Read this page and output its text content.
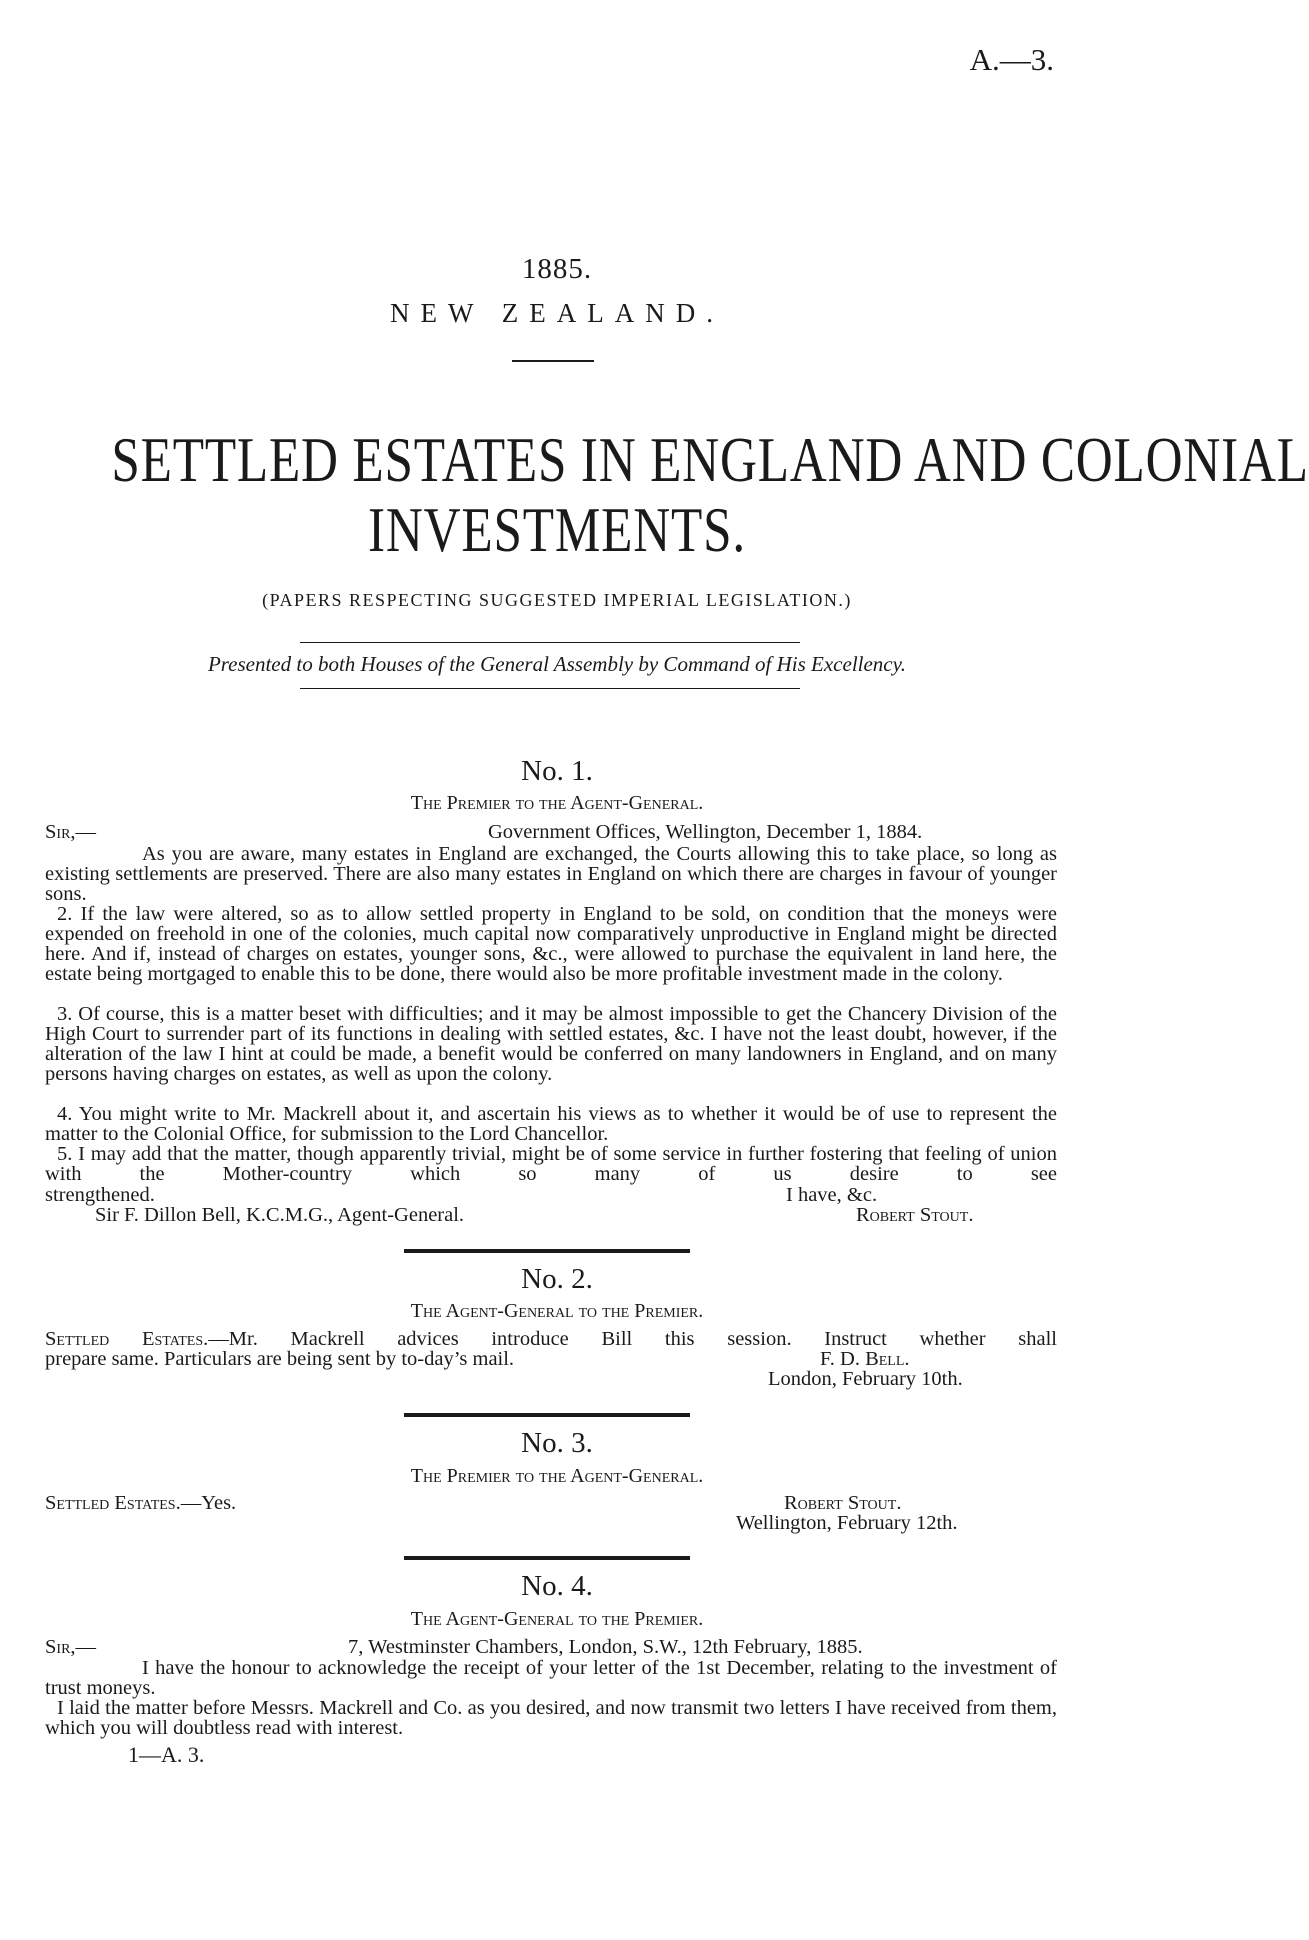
A.—3.
1885.
NEW ZEALAND.
SETTLED ESTATES IN ENGLAND AND COLONIAL
INVESTMENTS.
(PAPERS RESPECTING SUGGESTED IMPERIAL LEGISLATION.)
Presented to both Houses of the General Assembly by Command of His Excellency.
No. 1.
The Premier to the Agent-General.
Sir,—	Government Offices, Wellington, December 1, 1884.
As you are aware, many estates in England are exchanged, the Courts allowing this to take place, so long as existing settlements are preserved. There are also many estates in England on which there are charges in favour of younger sons.
2. If the law were altered, so as to allow settled property in England to be sold, on condition that the moneys were expended on freehold in one of the colonies, much capital now comparatively unproductive in England might be directed here. And if, instead of charges on estates, younger sons, &c., were allowed to purchase the equivalent in land here, the estate being mortgaged to enable this to be done, there would also be more profitable investment made in the colony.
3. Of course, this is a matter beset with difficulties; and it may be almost impossible to get the Chancery Division of the High Court to surrender part of its functions in dealing with settled estates, &c. I have not the least doubt, however, if the alteration of the law I hint at could be made, a benefit would be conferred on many landowners in England, and on many persons having charges on estates, as well as upon the colony.
4. You might write to Mr. Mackrell about it, and ascertain his views as to whether it would be of use to represent the matter to the Colonial Office, for submission to the Lord Chancellor.
5. I may add that the matter, though apparently trivial, might be of some service in further fostering that feeling of union with the Mother-country which so many of us desire to see
strengthened.	I have, &c.
Sir F. Dillon Bell, K.C.M.G., Agent-General.	Robert Stout.
No. 2.
The Agent-General to the Premier.
Settled Estates.—Mr. Mackrell advices introduce Bill this session. Instruct whether shall
prepare same. Particulars are being sent by to-day’s mail.	F. D. Bell.
London, February 10th.
No. 3.
The Premier to the Agent-General.
Settled Estates.—Yes.	Robert Stout.
Wellington, February 12th.
No. 4.
The Agent-General to the Premier.
Sir,—	7, Westminster Chambers, London, S.W., 12th February, 1885.
I have the honour to acknowledge the receipt of your letter of the 1st December, relating to the investment of trust moneys.
I laid the matter before Messrs. Mackrell and Co. as you desired, and now transmit two letters I have received from them, which you will doubtless read with interest.
1—A. 3.
